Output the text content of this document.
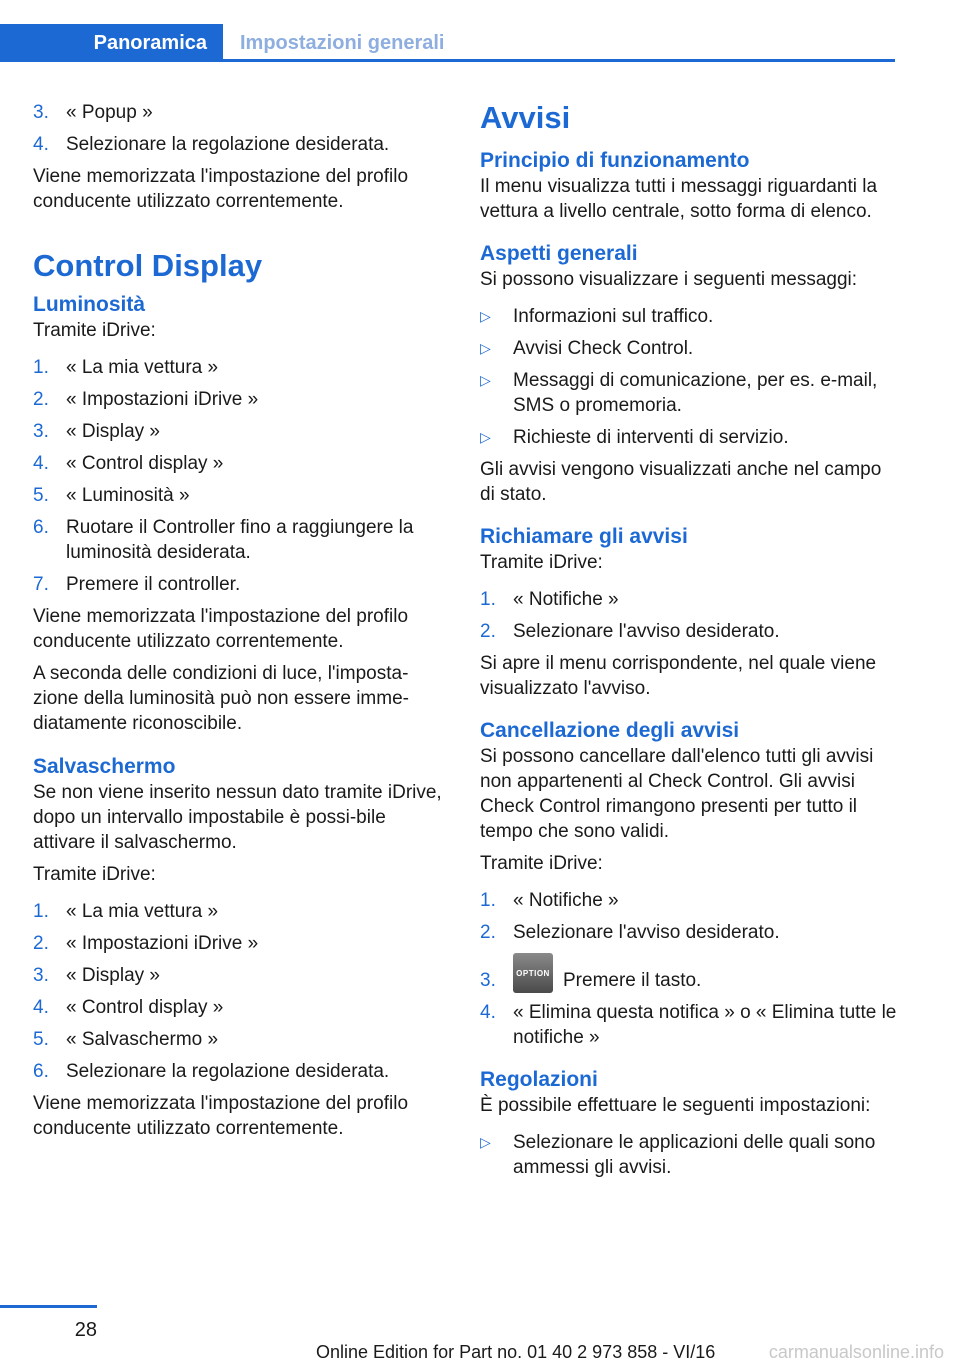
Panoramica	Impostazioni generali
3. « Popup »
4. Selezionare la regolazione desiderata.

Viene memorizzata l'impostazione del profilo conducente utilizzato correntemente.

Control Display
Luminosità

Tramite iDrive:

1. « La mia vettura »
2. « Impostazioni iDrive »
3. « Display »
4. « Control display »
5. « Luminosità »
6. Ruotare il Controller fino a raggiungere la luminosità desiderata.
7. Premere il controller.

Viene memorizzata l'impostazione del profilo conducente utilizzato correntemente.

A seconda delle condizioni di luce, l'imposta‐zione della luminosità può non essere imme‐diatamente riconoscibile.

Salvaschermo

Se non viene inserito nessun dato tramite iDrive, dopo un intervallo impostabile è possi‐bile attivare il salvaschermo.

Tramite iDrive:

1. « La mia vettura »
2. « Impostazioni iDrive »
3. « Display »
4. « Control display »
5. « Salvaschermo »
6. Selezionare la regolazione desiderata.

Viene memorizzata l'impostazione del profilo conducente utilizzato correntemente.

Avvisi
Principio di funzionamento

Il menu visualizza tutti i messaggi riguardanti la vettura a livello centrale, sotto forma di elenco.

Aspetti generali

Si possono visualizzare i seguenti messaggi:

▷	Informazioni sul traffico.
▷	Avvisi Check Control.
▷	Messaggi di comunicazione, per es. e-mail, SMS o promemoria.
▷	Richieste di interventi di servizio.

Gli avvisi vengono visualizzati anche nel campo di stato.

Richiamare gli avvisi

Tramite iDrive:

1. « Notifiche »
2. Selezionare l'avviso desiderato.

Si apre il menu corrispondente, nel quale viene visualizzato l'avviso.

Cancellazione degli avvisi

Si possono cancellare dall'elenco tutti gli avvisi non appartenenti al Check Control. Gli avvisi Check Control rimangono presenti per tutto il tempo che sono validi.

Tramite iDrive:

1. « Notifiche »
2. Selezionare l'avviso desiderato.
3.	OPTION Premere il tasto.
4. « Elimina questa notifica » o « Elimina tutte le notifiche »
Regolazioni

È possibile effettuare le seguenti impostazioni:

▷	Selezionare le applicazioni delle quali sono ammessi gli avvisi.
28
Online Edition for Part no. 01 40 2 973 858 - VI/16	carmanualsonline.info
